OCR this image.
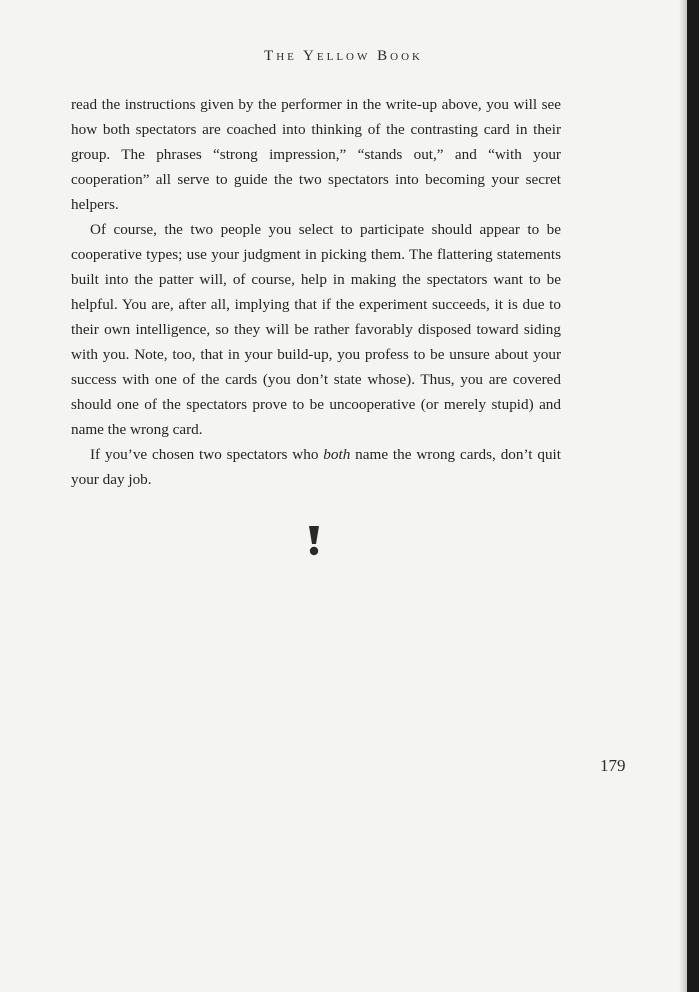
The Yellow Book

read the instructions given by the performer in the write-up above, you will see how both spectators are coached into thinking of the contrasting card in their group. The phrases “strong impression,” “stands out,” and “with your cooperation” all serve to guide the two spectators into becoming your secret helpers.

Of course, the two people you select to participate should appear to be cooperative types; use your judgment in picking them. The flattering statements built into the patter will, of course, help in making the spectators want to be helpful. You are, after all, implying that if the experiment succeeds, it is due to their own intelligence, so they will be rather favorably disposed toward siding with you. Note, too, that in your build-up, you profess to be unsure about your success with one of the cards (you don’t state whose). Thus, you are covered should one of the spectators prove to be uncooperative (or merely stupid) and name the wrong card.

If you’ve chosen two spectators who both name the wrong cards, don’t quit your day job.

179
